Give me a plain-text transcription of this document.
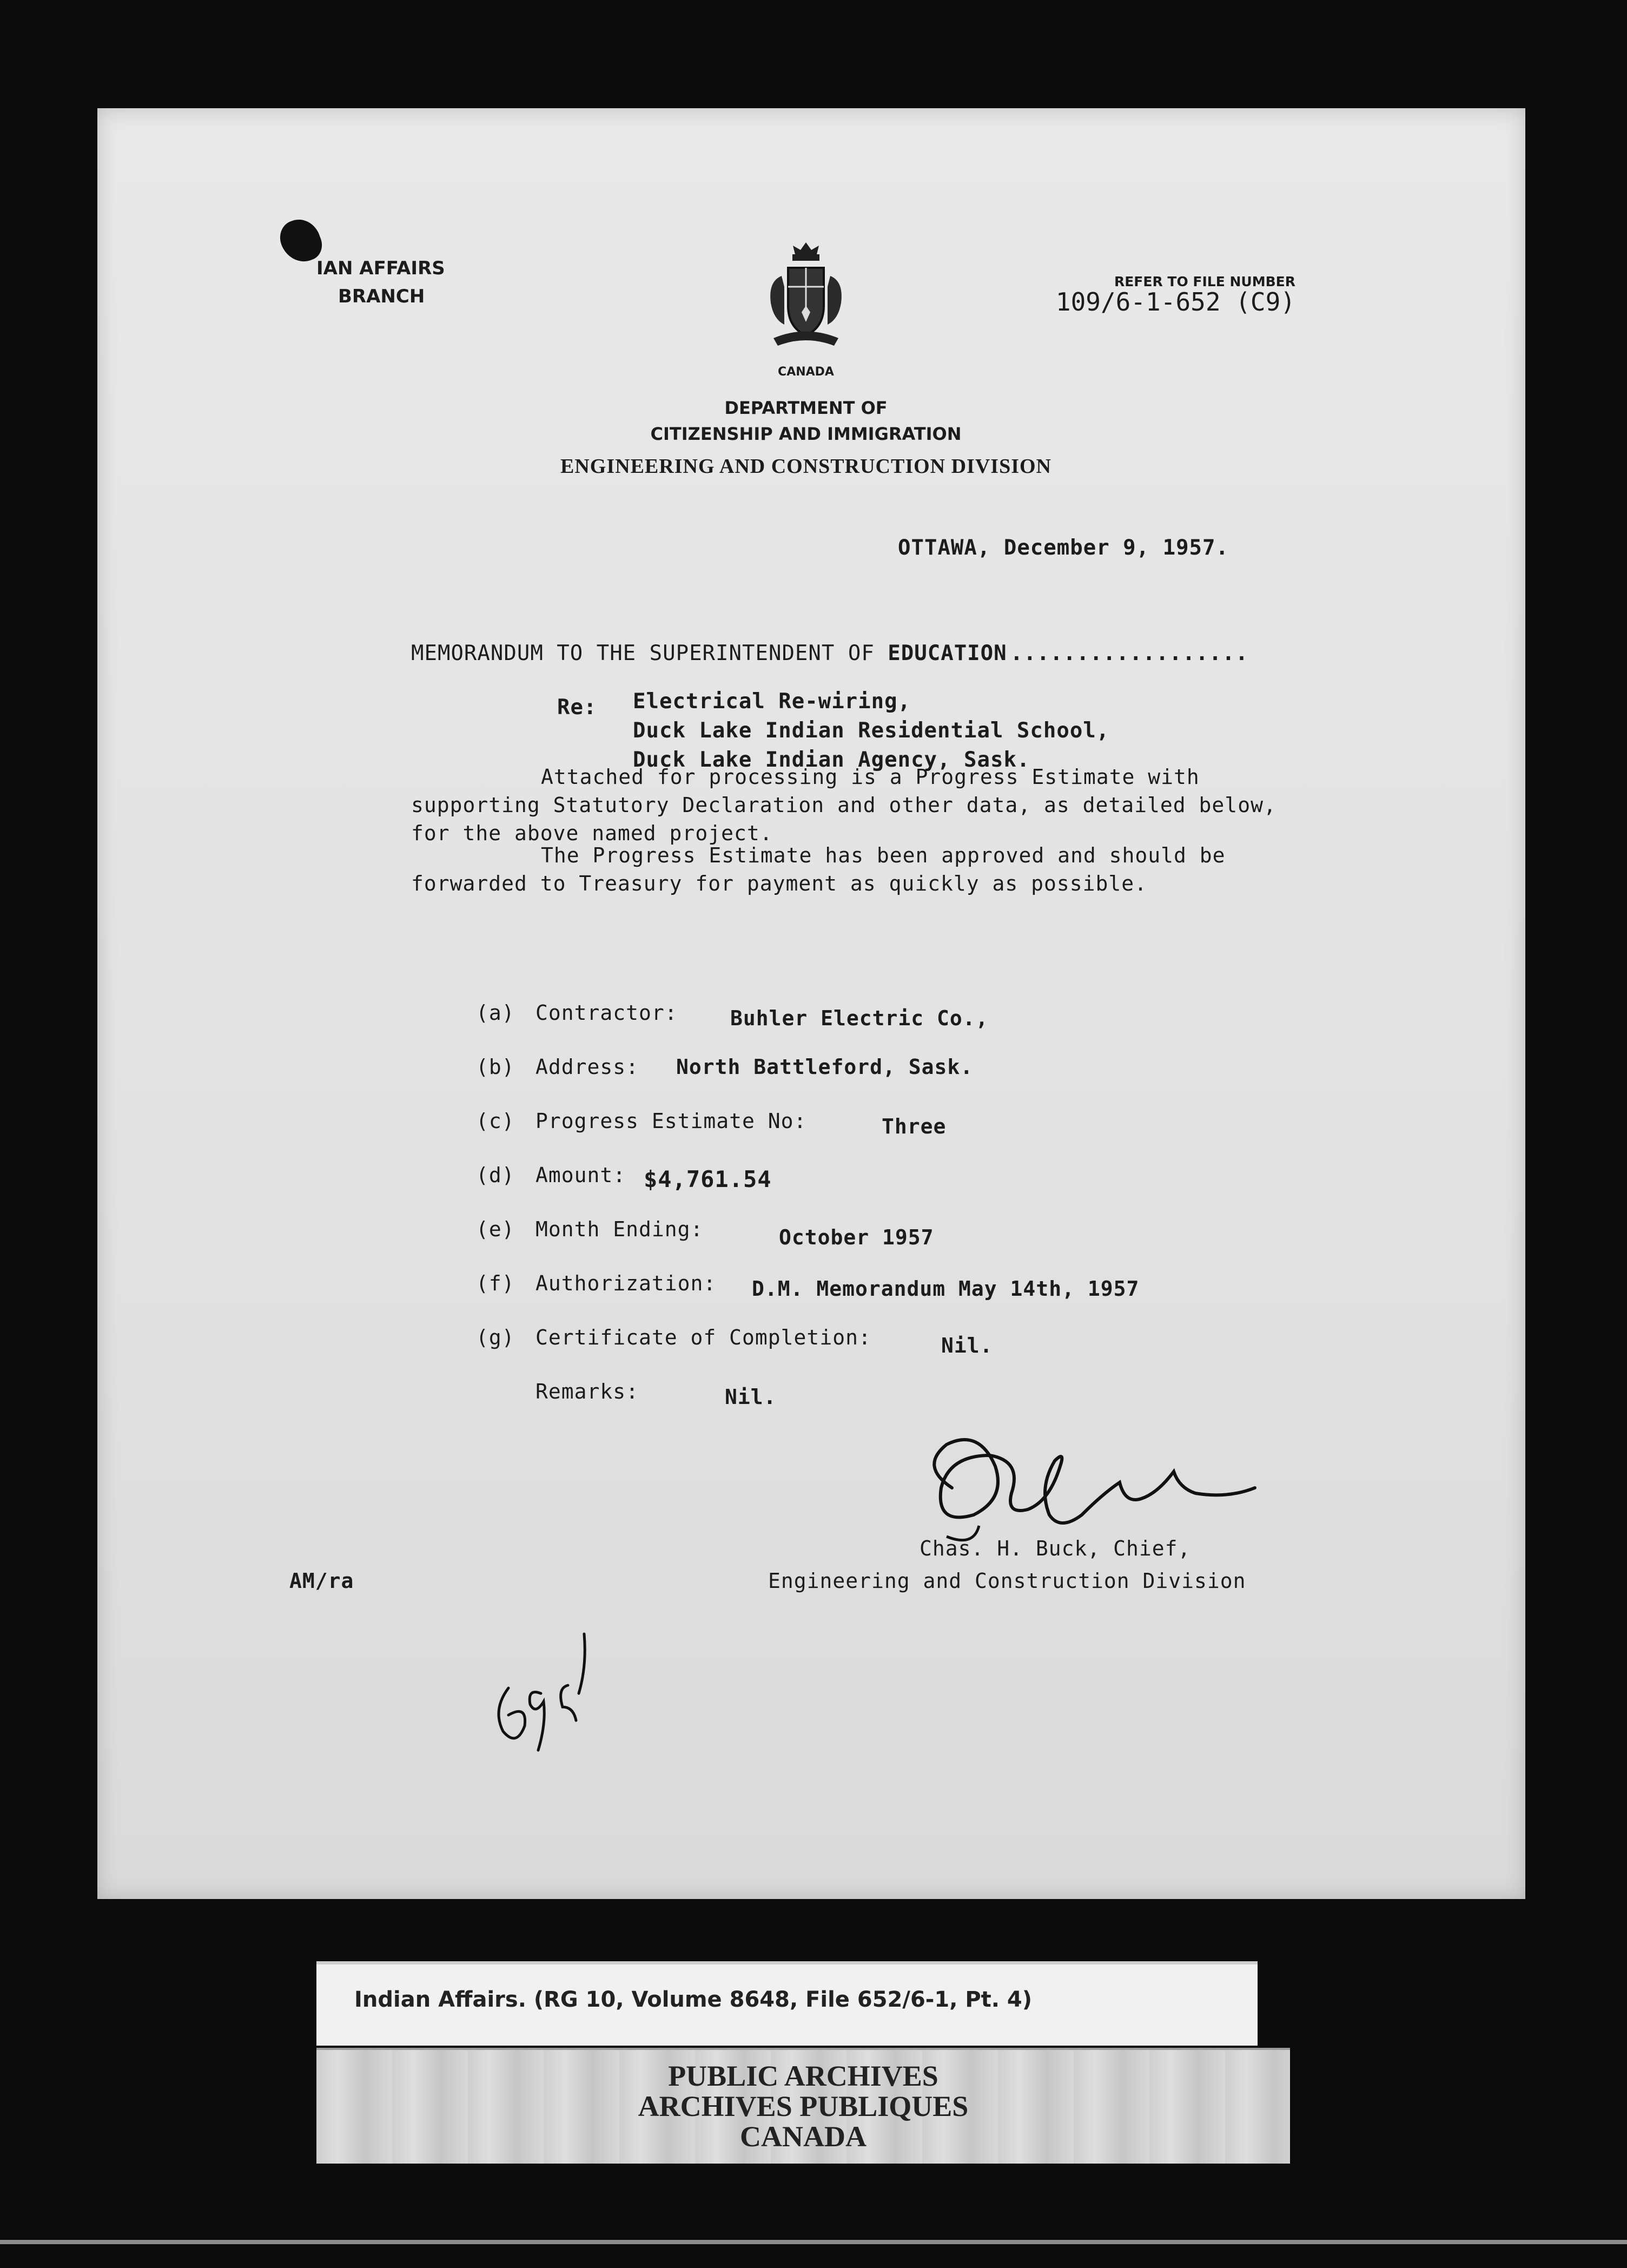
IAN AFFAIRS
BRANCH
REFER TO FILE NUMBER
109/6-1-652 (C9)
CANADA
DEPARTMENT OF
CITIZENSHIP AND IMMIGRATION
ENGINEERING AND CONSTRUCTION DIVISION
OTTAWA, December 9, 1957.
MEMORANDUM TO THE SUPERINTENDENT OF EDUCATION ..................
Re: Electrical Re-wiring,
Duck Lake Indian Residential School,
Duck Lake Indian Agency, Sask.
Attached for processing is a Progress Estimate with
supporting Statutory Declaration and other data, as detailed below,
for the above named project.
The Progress Estimate has been approved and should be
forwarded to Treasury for payment as quickly as possible.
(a) Contractor:	Buhler Electric Co.,
(b) Address: North Battleford, Sask.
(c) Progress Estimate No:	Three
(d) Amount: $4,761.54
(e) Month Ending:	October 1957
(f) Authorization: D.M. Memorandum May 14th, 1957
(g) Certificate of Completion:	Nil.
Remarks:	Nil.
Chas. H. Buck, Chief,
Engineering and Construction Division
AM/ra
Indian Affairs. (RG 10, Volume 8648, File 652/6-1, Pt. 4)
PUBLIC ARCHIVES
ARCHIVES PUBLIQUES
CANADA
